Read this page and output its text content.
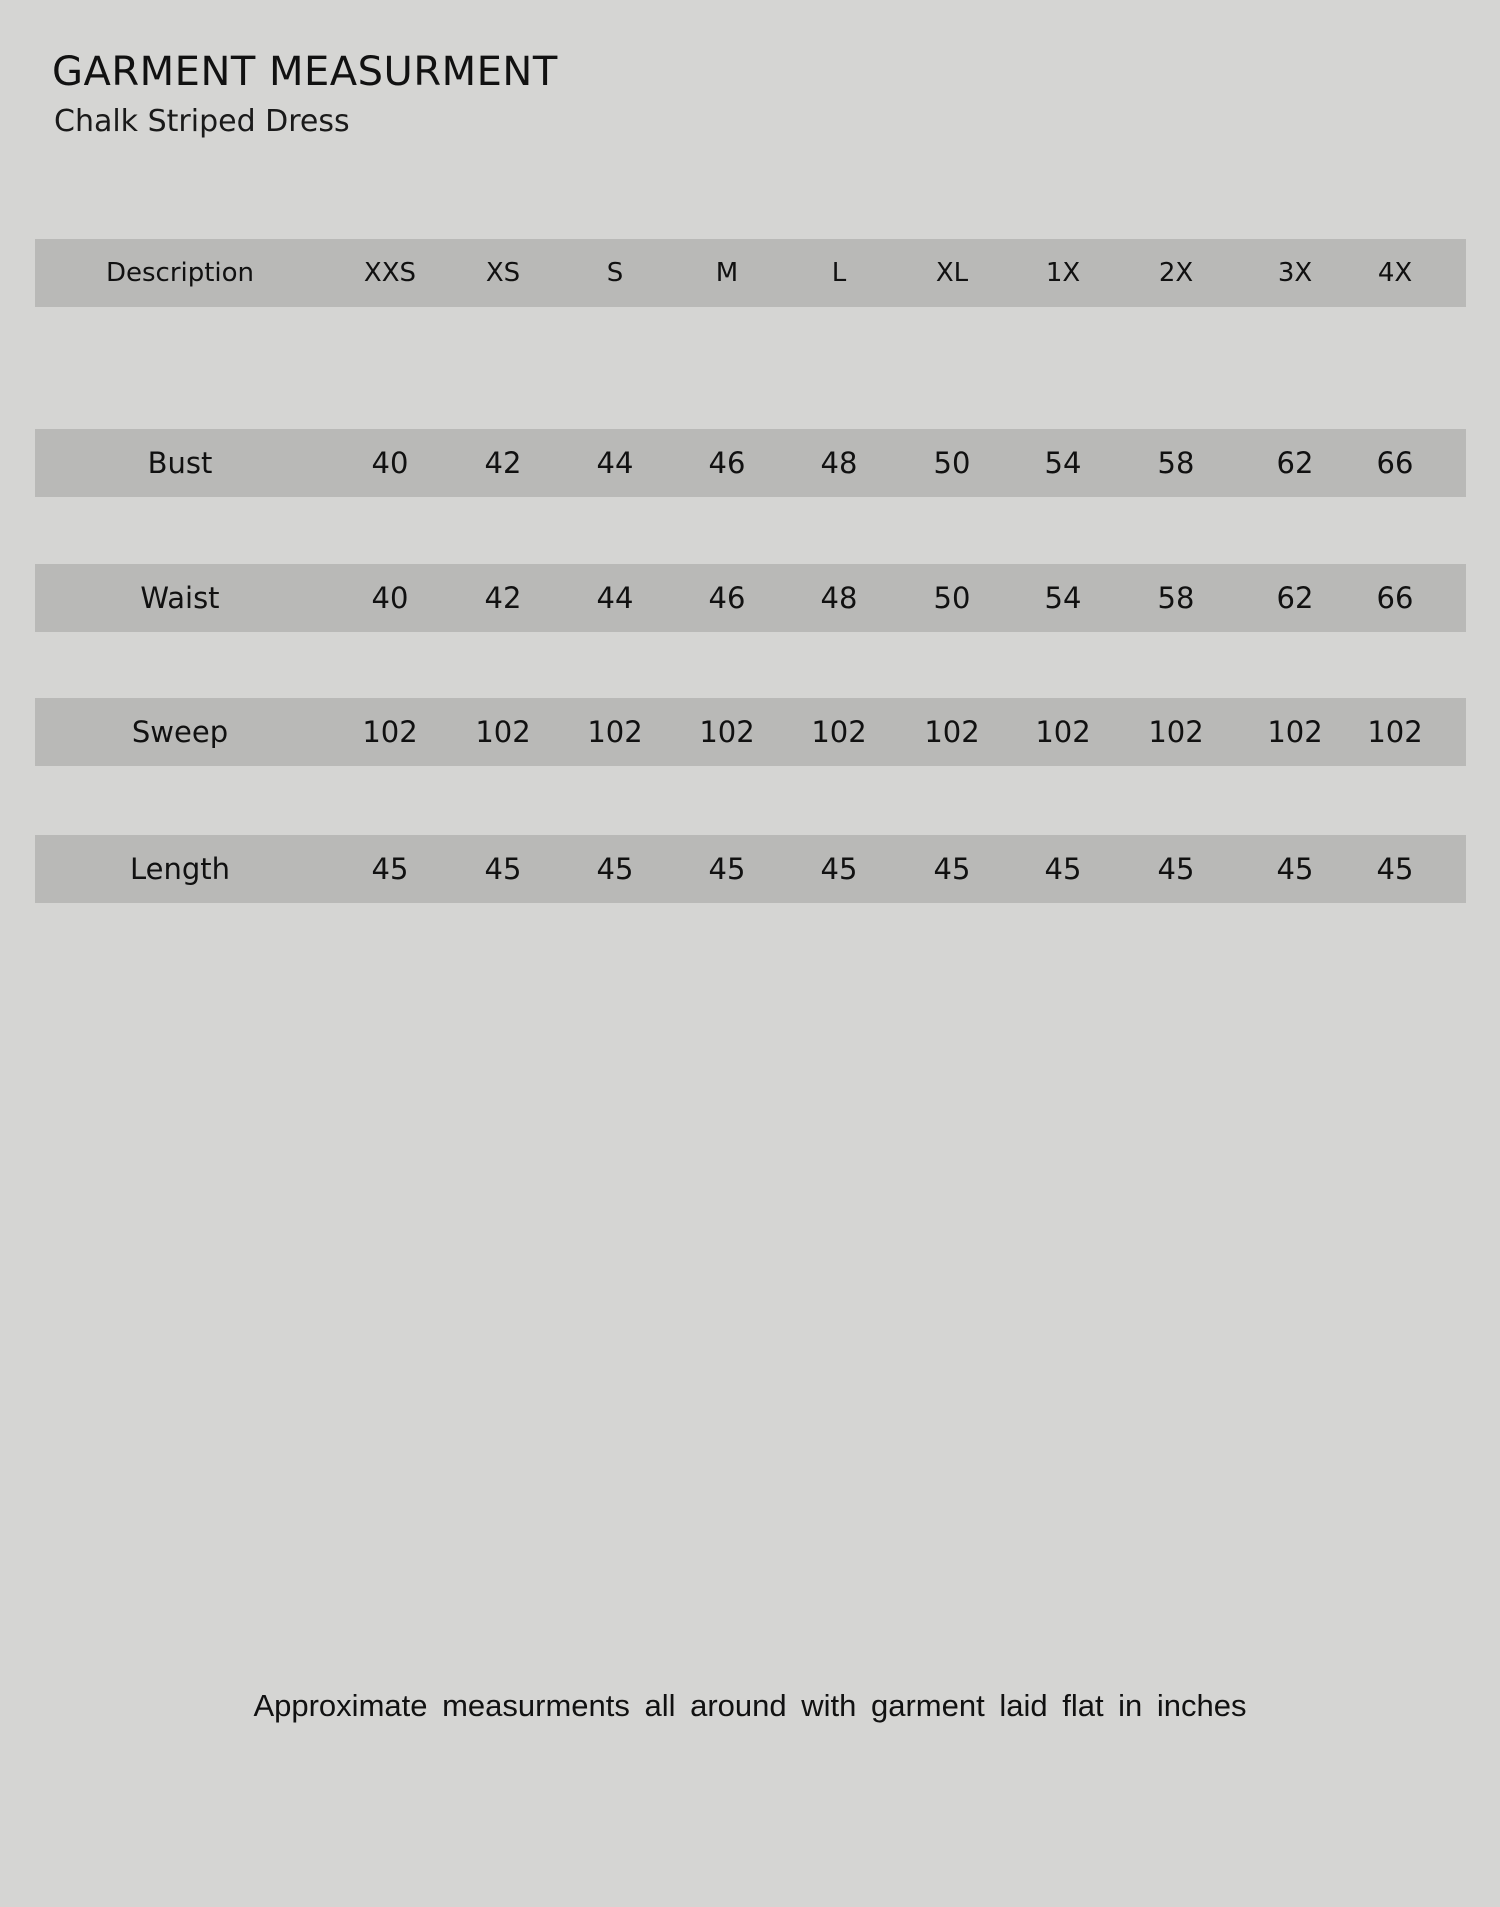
GARMENT MEASURMENT
Chalk Striped Dress
Description	XXS	XS	S	M	L	XL	1X	2X	3X	4X
Bust	40	42	44	46	48	50	54	58	62 66
Waist	40	42	44	46	48	50	54	58	62 66
Sweep	102 102 102 102 102 102 102 102 102 102
Length	45	45	45	45	45	45	45	45	45 45
Approximate measurments all around with garment laid flat in inches
